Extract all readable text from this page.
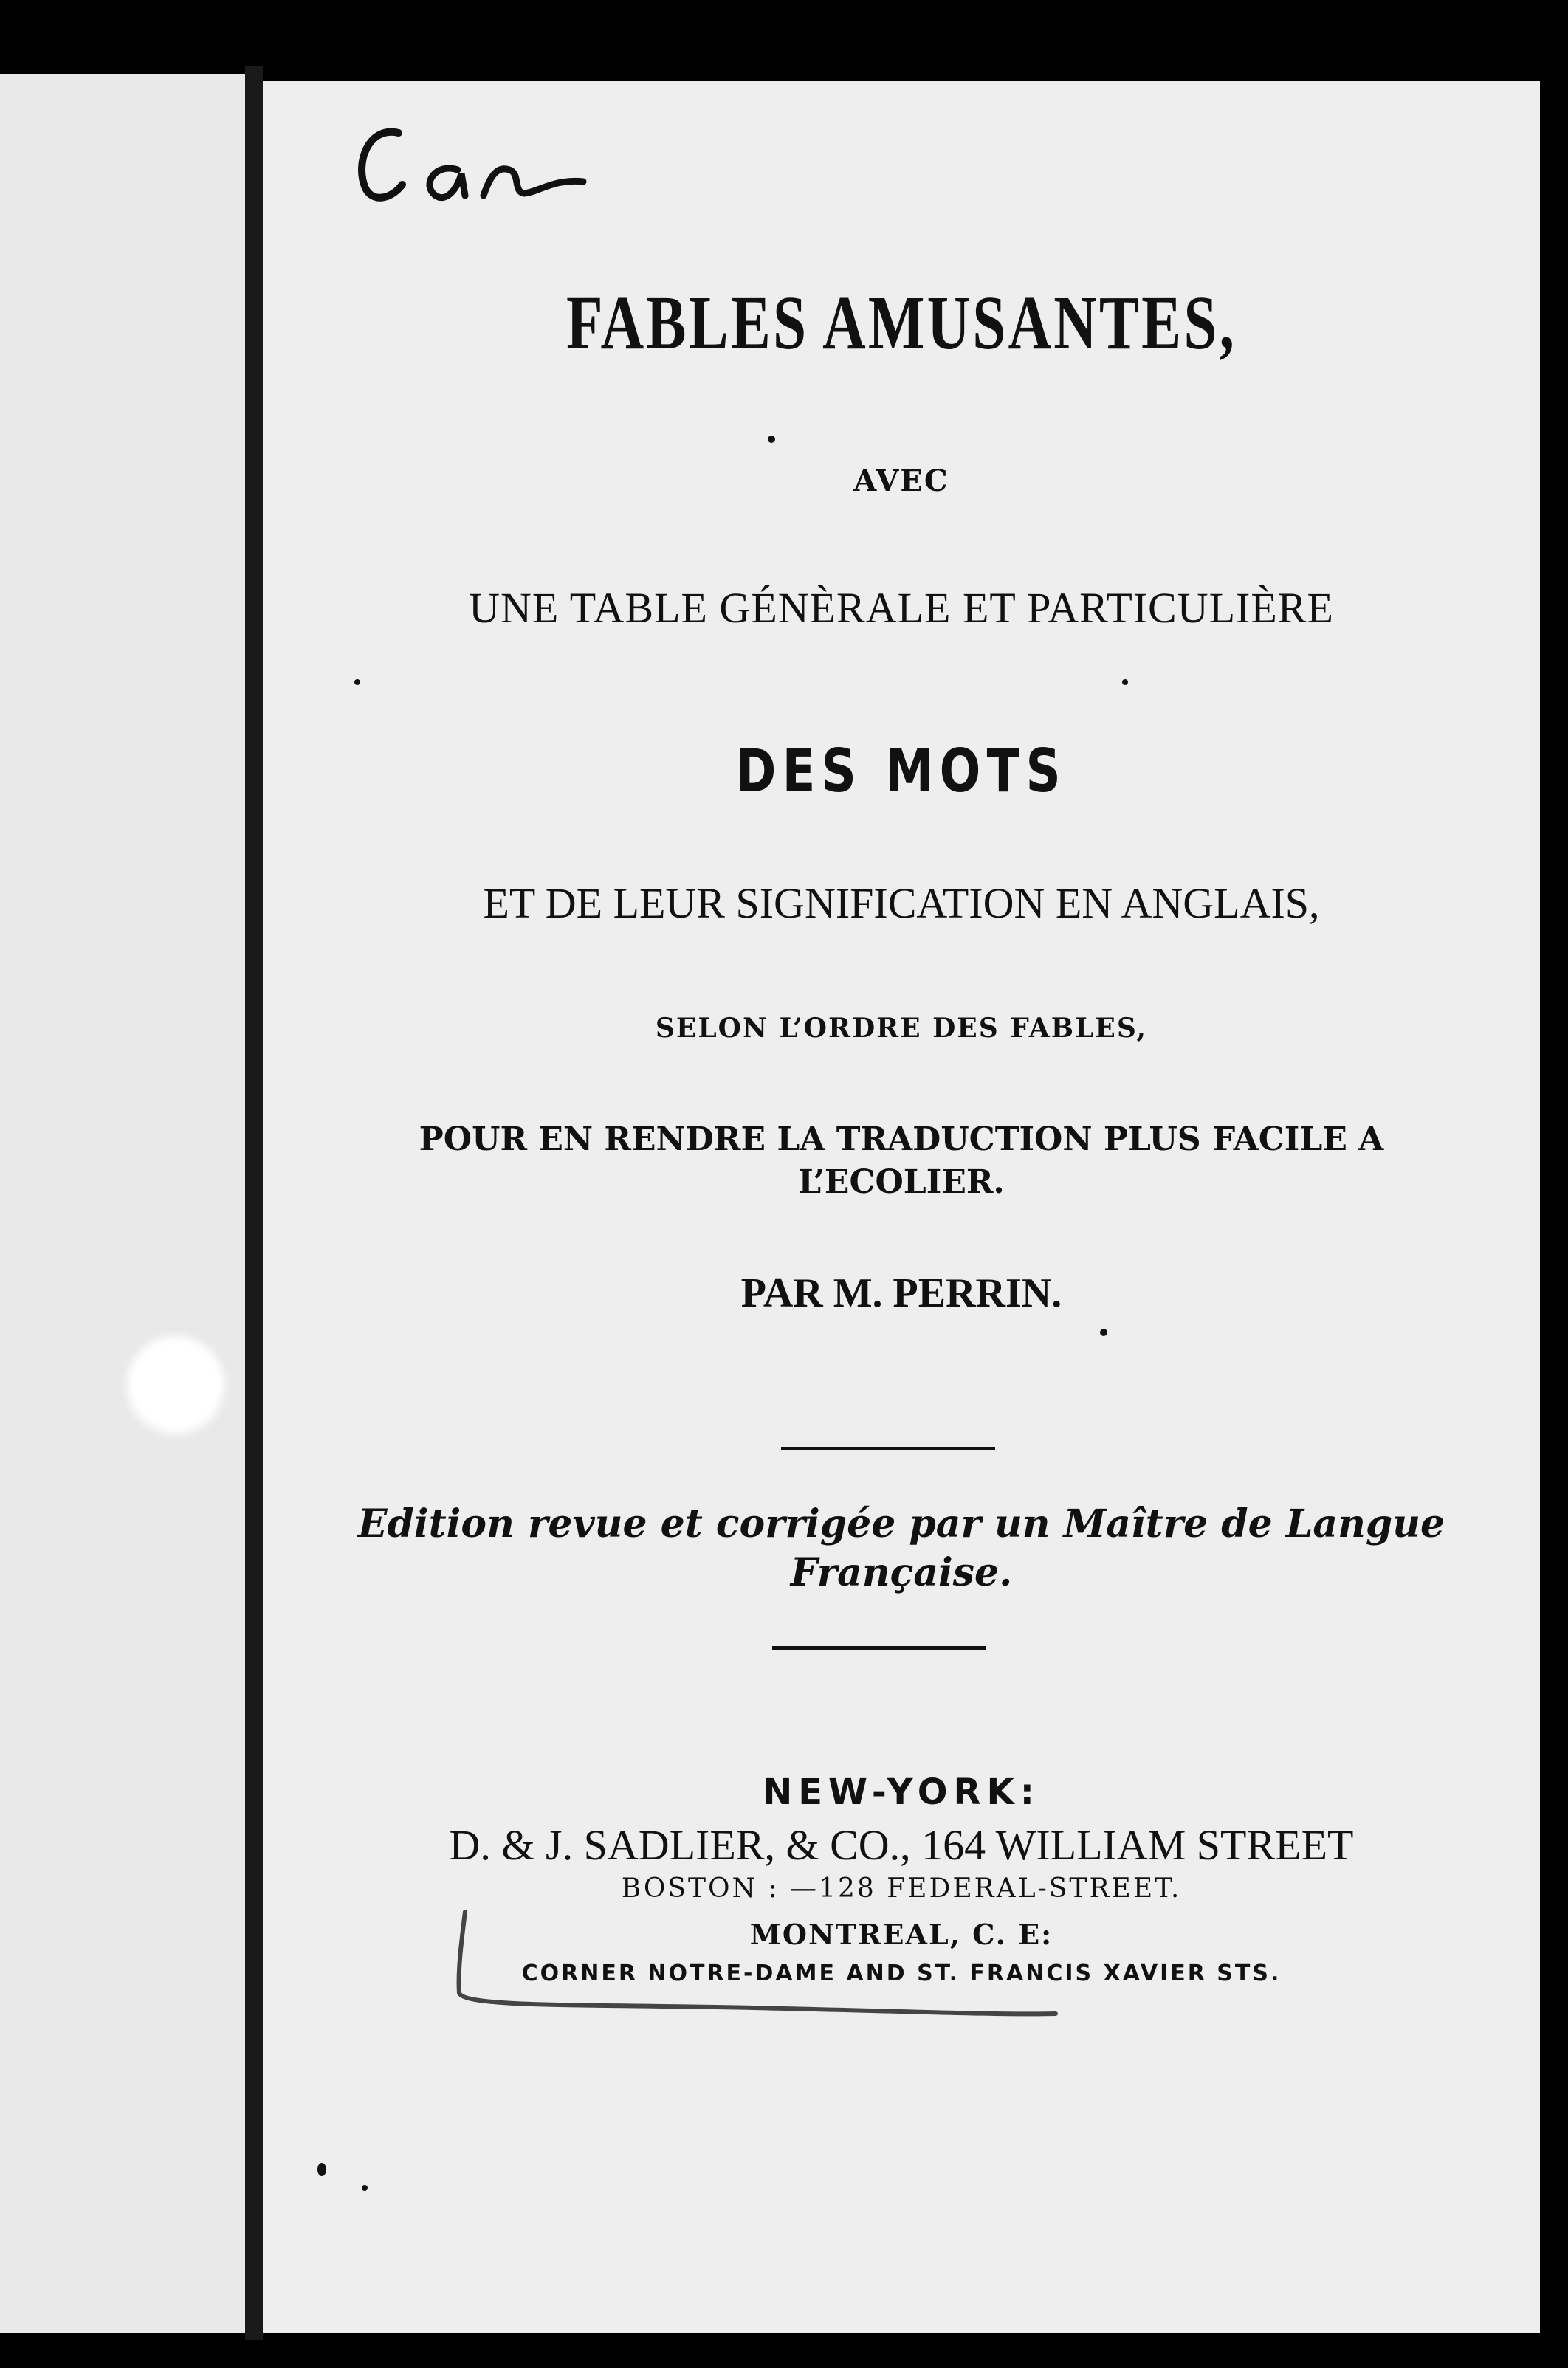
FABLES AMUSANTES,
AVEC
UNE TABLE GÉNÈRALE ET PARTICULIÈRE
DES MOTS
ET DE LEUR SIGNIFICATION EN ANGLAIS,
SELON L’ORDRE DES FABLES,
POUR EN RENDRE LA TRADUCTION PLUS FACILE A
L’ECOLIER.
PAR M. PERRIN.
Edition revue et corrigée par un Maître de Langue
Française.
NEW-YORK:
D. & J. SADLIER, & CO., 164 WILLIAM STREET
BOSTON : —128 FEDERAL-STREET.
MONTREAL, C. E:
CORNER NOTRE-DAME AND ST. FRANCIS XAVIER STS.
